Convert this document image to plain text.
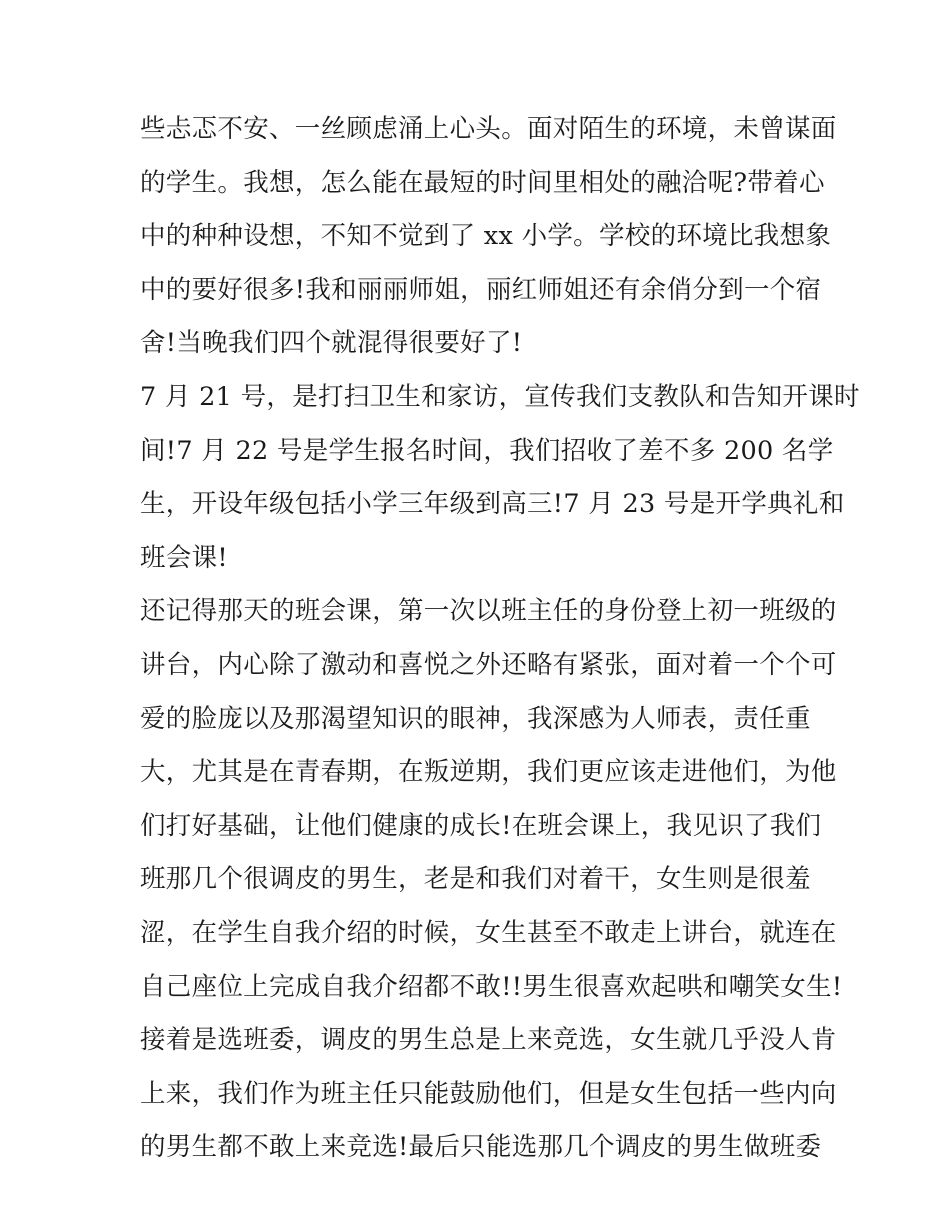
些忐忑不安、一丝顾虑涌上心头。面对陌生的环境，未曾谋面
的学生。我想，怎么能在最短的时间里相处的融洽呢?带着心
中的种种设想，不知不觉到了 xx 小学。学校的环境比我想象
中的要好很多!我和丽丽师姐，丽红师姐还有余俏分到一个宿
舍!当晚我们四个就混得很要好了!
7 月 21 号，是打扫卫生和家访，宣传我们支教队和告知开课时
间!7 月 22 号是学生报名时间，我们招收了差不多 200 名学
生，开设年级包括小学三年级到高三!7 月 23 号是开学典礼和
班会课!
还记得那天的班会课，第一次以班主任的身份登上初一班级的
讲台，内心除了激动和喜悦之外还略有紧张，面对着一个个可
爱的脸庞以及那渴望知识的眼神，我深感为人师表，责任重
大，尤其是在青春期，在叛逆期，我们更应该走进他们，为他
们打好基础，让他们健康的成长!在班会课上，我见识了我们
班那几个很调皮的男生，老是和我们对着干，女生则是很羞
涩，在学生自我介绍的时候，女生甚至不敢走上讲台，就连在
自己座位上完成自我介绍都不敢!!男生很喜欢起哄和嘲笑女生!
接着是选班委，调皮的男生总是上来竞选，女生就几乎没人肯
上来，我们作为班主任只能鼓励他们，但是女生包括一些内向
的男生都不敢上来竞选!最后只能选那几个调皮的男生做班委
